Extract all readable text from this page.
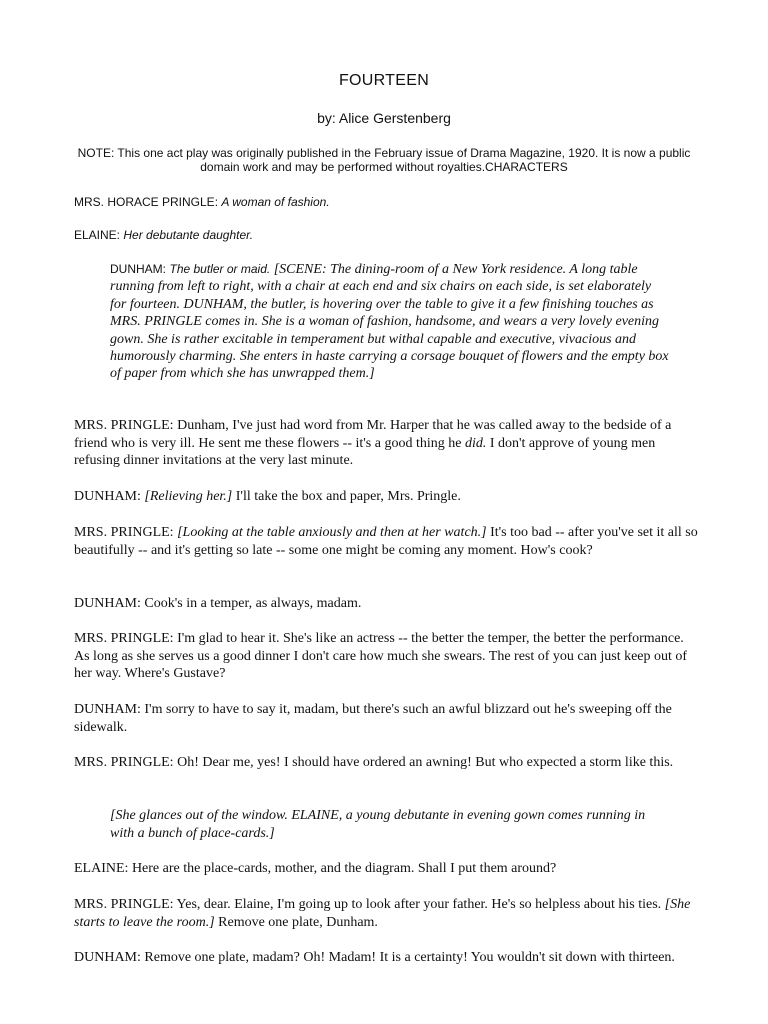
FOURTEEN
by: Alice Gerstenberg
NOTE: This one act play was originally published in the February issue of Drama Magazine, 1920. It is now a public domain work and may be performed without royalties.CHARACTERS
MRS. HORACE PRINGLE: A woman of fashion.
ELAINE: Her debutante daughter.
DUNHAM: The butler or maid. [SCENE: The dining-room of a New York residence. A long table running from left to right, with a chair at each end and six chairs on each side, is set elaborately for fourteen. DUNHAM, the butler, is hovering over the table to give it a few finishing touches as MRS. PRINGLE comes in. She is a woman of fashion, handsome, and wears a very lovely evening gown. She is rather excitable in temperament but withal capable and executive, vivacious and humorously charming. She enters in haste carrying a corsage bouquet of flowers and the empty box of paper from which she has unwrapped them.]
MRS. PRINGLE: Dunham, I've just had word from Mr. Harper that he was called away to the bedside of a friend who is very ill. He sent me these flowers -- it's a good thing he did. I don't approve of young men refusing dinner invitations at the very last minute.
DUNHAM: [Relieving her.] I'll take the box and paper, Mrs. Pringle.
MRS. PRINGLE: [Looking at the table anxiously and then at her watch.] It's too bad -- after you've set it all so beautifully -- and it's getting so late -- some one might be coming any moment. How's cook?
DUNHAM: Cook's in a temper, as always, madam.
MRS. PRINGLE: I'm glad to hear it. She's like an actress -- the better the temper, the better the performance. As long as she serves us a good dinner I don't care how much she swears. The rest of you can just keep out of her way. Where's Gustave?
DUNHAM: I'm sorry to have to say it, madam, but there's such an awful blizzard out he's sweeping off the sidewalk.
MRS. PRINGLE: Oh! Dear me, yes! I should have ordered an awning! But who expected a storm like this.
[She glances out of the window. ELAINE, a young debutante in evening gown comes running in with a bunch of place-cards.]
ELAINE: Here are the place-cards, mother, and the diagram. Shall I put them around?
MRS. PRINGLE: Yes, dear. Elaine, I'm going up to look after your father. He's so helpless about his ties. [She starts to leave the room.] Remove one plate, Dunham.
DUNHAM: Remove one plate, madam? Oh! Madam! It is a certainty! You wouldn't sit down with thirteen.
